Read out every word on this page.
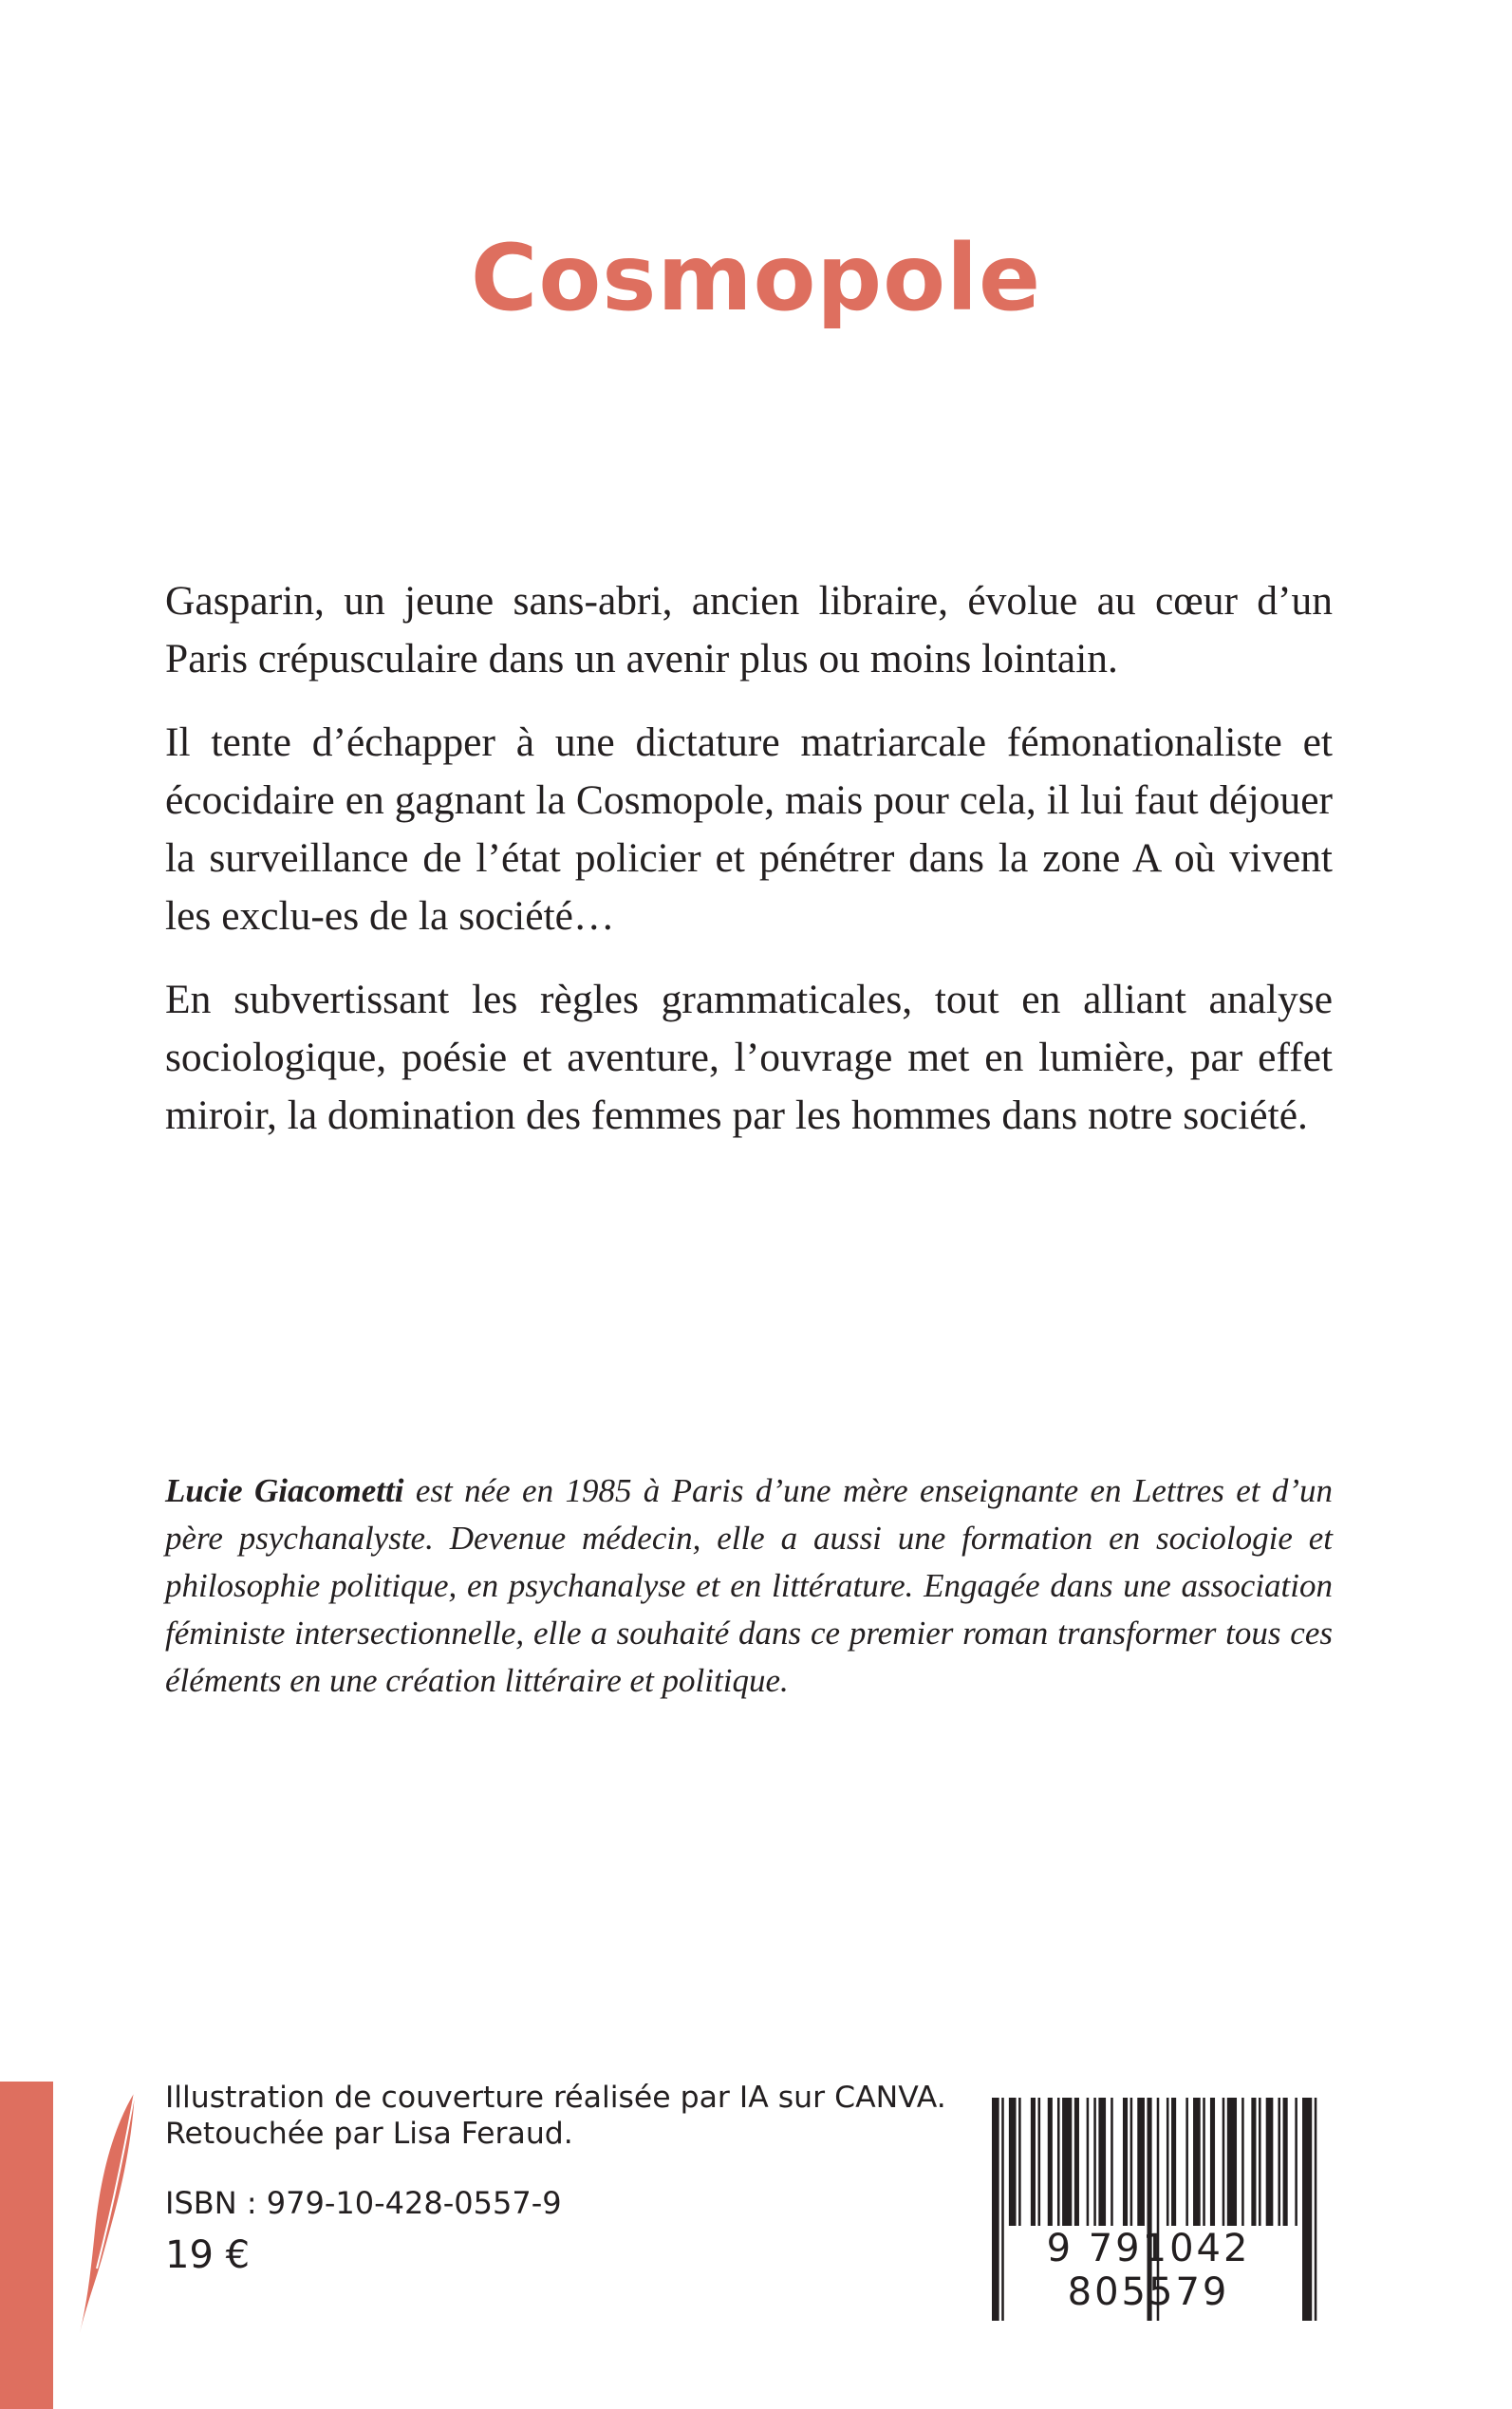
Cosmopole

Gasparin, un jeune sans-abri, ancien libraire, évolue au cœur d’un Paris crépusculaire dans un avenir plus ou moins lointain.

Il tente d’échapper à une dictature matriarcale fémonationaliste et écocidaire en gagnant la Cosmopole, mais pour cela, il lui faut déjouer la surveillance de l’état policier et pénétrer dans la zone A où vivent les exclu-es de la société…

En subvertissant les règles grammaticales, tout en alliant analyse sociologique, poésie et aventure, l’ouvrage met en lumière, par effet miroir, la domination des femmes par les hommes dans notre société.

Lucie Giacometti est née en 1985 à Paris d’une mère enseignante en Lettres et d’un père psychanalyste. Devenue médecin, elle a aussi une formation en sociologie et philosophie politique, en psychanalyse et en littérature. Engagée dans une association féministe intersectionnelle, elle a souhaité dans ce premier roman transformer tous ces éléments en une création littéraire et politique.

Illustration de couverture réalisée par IA sur CANVA.
Retouchée par Lisa Feraud.

ISBN : 979-10-428-0557-9
19 €	9 791042 805579
